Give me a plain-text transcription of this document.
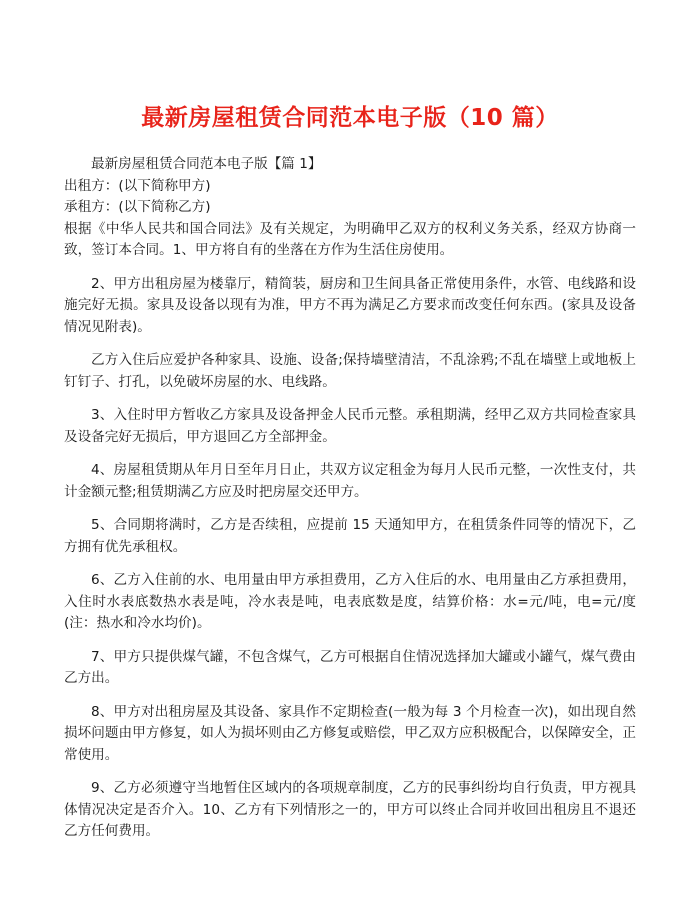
最新房屋租赁合同范本电子版（10 篇）
最新房屋租赁合同范本电子版【篇 1】
出租方：(以下简称甲方)
承租方：(以下简称乙方)

根据《中华人民共和国合同法》及有关规定，为明确甲乙双方的权利义务关系，经双方协商一致，签订本合同。1、甲方将自有的坐落在方作为生活住房使用。

2、甲方出租房屋为楼靠厅，精简装，厨房和卫生间具备正常使用条件，水管、电线路和设施完好无损。家具及设备以现有为准，甲方不再为满足乙方要求而改变任何东西。(家具及设备情况见附表)。

乙方入住后应爱护各种家具、设施、设备;保持墙壁清洁，不乱涂鸦;不乱在墙壁上或地板上钉钉子、打孔，以免破坏房屋的水、电线路。

3、入住时甲方暂收乙方家具及设备押金人民币元整。承租期满，经甲乙双方共同检查家具及设备完好无损后，甲方退回乙方全部押金。

4、房屋租赁期从年月日至年月日止，共双方议定租金为每月人民币元整，一次性支付，共计金额元整;租赁期满乙方应及时把房屋交还甲方。

5、合同期将满时，乙方是否续租，应提前 15 天通知甲方，在租赁条件同等的情况下，乙方拥有优先承租权。

6、乙方入住前的水、电用量由甲方承担费用，乙方入住后的水、电用量由乙方承担费用，入住时水表底数热水表是吨，冷水表是吨，电表底数是度，结算价格：水=元/吨，电=元/度(注：热水和冷水均价)。

7、甲方只提供煤气罐，不包含煤气，乙方可根据自住情况选择加大罐或小罐气，煤气费由乙方出。

8、甲方对出租房屋及其设备、家具作不定期检查(一般为每 3 个月检查一次)，如出现自然损坏问题由甲方修复，如人为损坏则由乙方修复或赔偿，甲乙双方应积极配合，以保障安全，正常使用。

9、乙方必须遵守当地暂住区域内的各项规章制度，乙方的民事纠纷均自行负责，甲方视具体情况决定是否介入。10、乙方有下列情形之一的，甲方可以终止合同并收回出租房且不退还乙方任何费用。
